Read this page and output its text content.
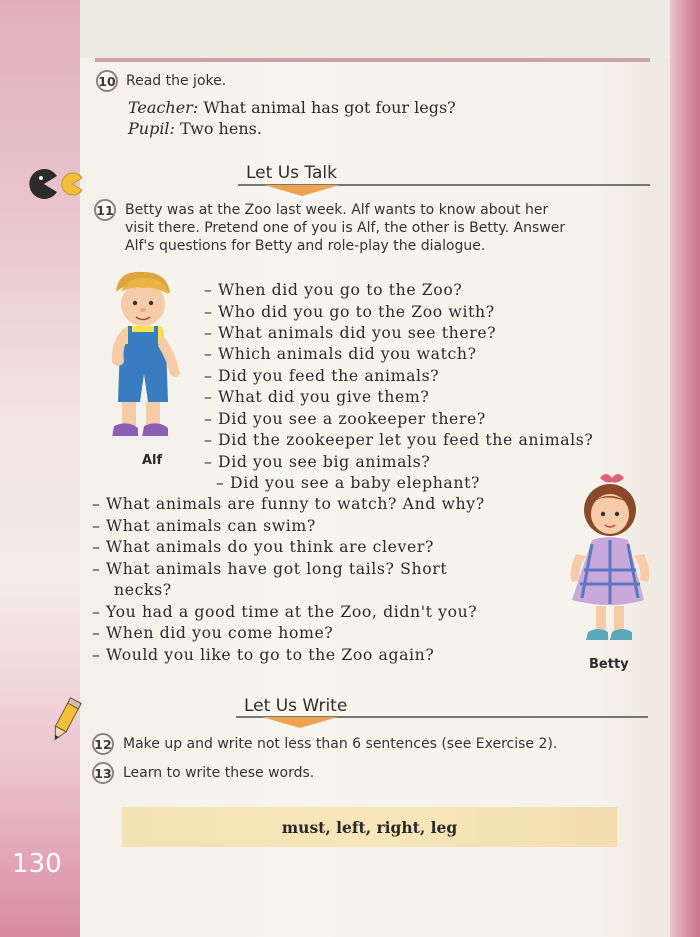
10 Read the joke.
Teacher: What animal has got four legs?
Pupil: Two hens.
Let Us Talk
11 Betty was at the Zoo last week. Alf wants to know about her
visit there. Pretend one of you is Alf, the other is Betty. Answer
Alf's questions for Betty and role-play the dialogue.
Alf
– When did you go to the Zoo?
– Who did you go to the Zoo with?
– What animals did you see there?
– Which animals did you watch?
– Did you feed the animals?
– What did you give them?
– Did you see a zookeeper there?
– Did the zookeeper let you feed the animals?
– Did you see big animals?
– Did you see a baby elephant?
– What animals are funny to watch? And why?
– What animals can swim?
– What animals do you think are clever?
– What animals have got long tails? Short
necks?
– You had a good time at the Zoo, didn't you?
– When did you come home?
– Would you like to go to the Zoo again?
Betty
Let Us Write
12 Make up and write not less than 6 sentences (see Exercise 2).
13 Learn to write these words.
must, left, right, leg
130
